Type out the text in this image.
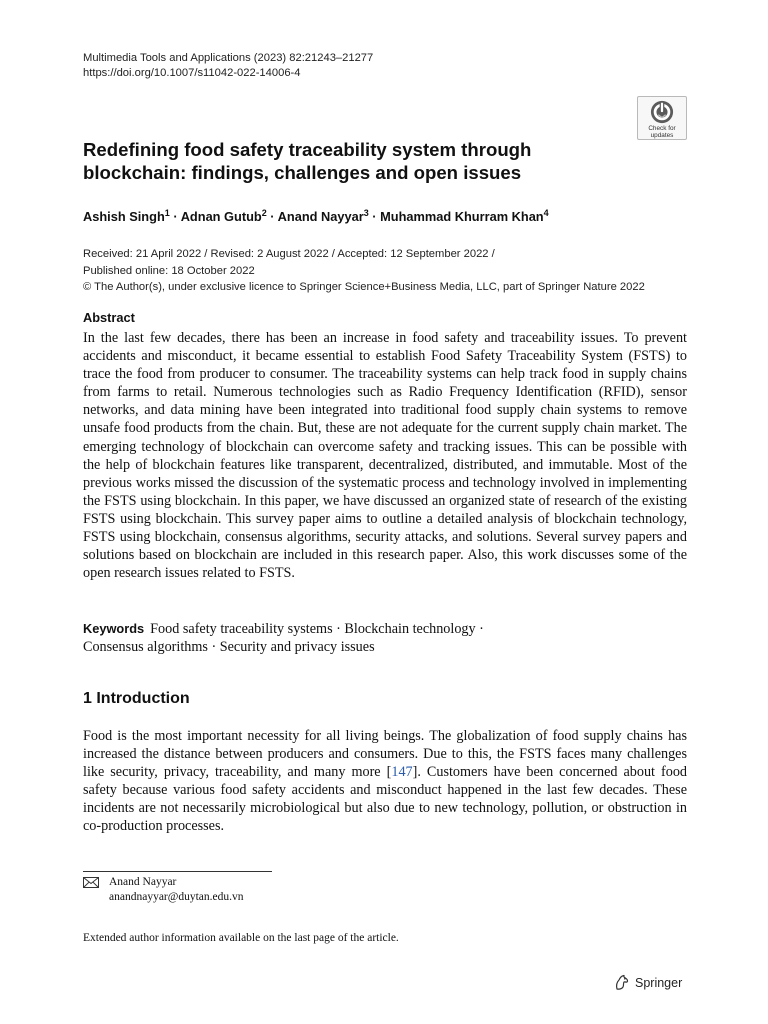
Multimedia Tools and Applications (2023) 82:21243–21277
https://doi.org/10.1007/s11042-022-14006-4
Check for
updates
Redefining food safety traceability system through
blockchain: findings, challenges and open issues
Ashish Singh$^1$ · Adnan Gutub$^2$ · Anand Nayyar$^3$ · Muhammad Khurram Khan$^4$
Received: 21 April 2022 / Revised: 2 August 2022 / Accepted: 12 September 2022 /
Published online: 18 October 2022
© The Author(s), under exclusive licence to Springer Science+Business Media, LLC, part of Springer Nature 2022
Abstract
In the last few decades, there has been an increase in food safety and traceability issues. To prevent accidents and misconduct, it became essential to establish Food Safety Traceability System (FSTS) to trace the food from producer to consumer. The traceability systems can help track food in supply chains from farms to retail. Numerous technologies such as Radio Frequency Identification (RFID), sensor networks, and data mining have been integrated into traditional food supply chain systems to remove unsafe food products from the chain. But, these are not adequate for the current supply chain market. The emerging technology of blockchain can overcome safety and tracking issues. This can be possible with the help of blockchain features like transparent, decentralized, distributed, and immutable. Most of the previous works missed the discussion of the systematic process and technology involved in implementing the FSTS using blockchain. In this paper, we have discussed an organized state of research of the existing FSTS using blockchain. This survey paper aims to outline a detailed analysis of blockchain technology, FSTS using blockchain, consensus algorithms, security attacks, and solutions. Several survey papers and solutions based on blockchain are included in this research paper. Also, this work discusses some of the open research issues related to FSTS.
Keywords Food safety traceability systems · Blockchain technology ·
Consensus algorithms · Security and privacy issues
1 Introduction
Food is the most important necessity for all living beings. The globalization of food supply chains has increased the distance between producers and consumers. Due to this, the FSTS faces many challenges like security, privacy, traceability, and many more [147]. Customers have been concerned about food safety because various food safety accidents and misconduct happened in the last few decades. These incidents are not necessarily microbiological but also due to new technology, pollution, or obstruction in co-production processes.
Anand Nayyar
anandnayyar@duytan.edu.vn
Extended author information available on the last page of the article.
Springer
